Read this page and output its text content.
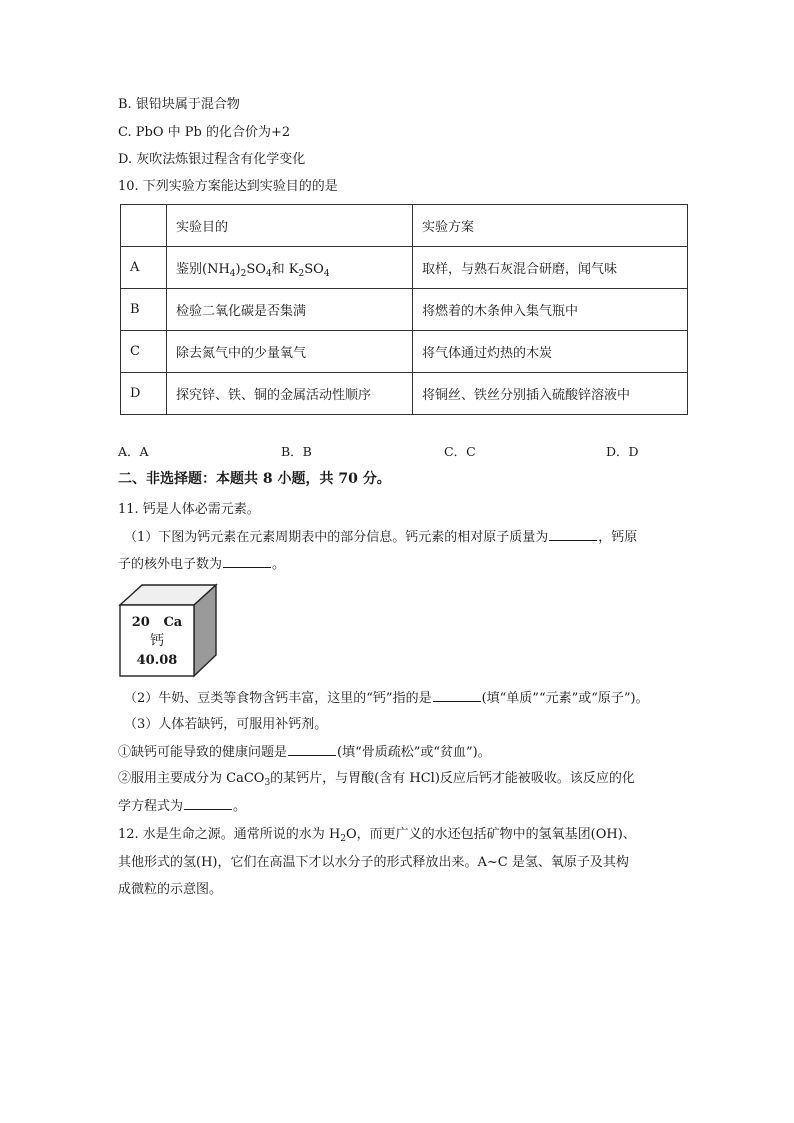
B. 银铅块属于混合物
C. PbO 中 Pb 的化合价为+2
D. 灰吹法炼银过程含有化学变化
10. 下列实验方案能达到实验目的的是
	实验目的	实验方案
A	鉴别$(NH_4)_2SO_4$和 $K_2SO_4$	取样，与熟石灰混合研磨，闻气味
B	检验二氧化碳是否集满	将燃着的木条伸入集气瓶中
C	除去氮气中的少量氧气	将气体通过灼热的木炭
D	探究锌、铁、铜的金属活动性顺序	将铜丝、铁丝分别插入硫酸锌溶液中
A．A	B．B	C．C	D．D
二、非选择题：本题共 8 小题，共 70 分。
11. 钙是人体必需元素。
（1）下图为钙元素在元素周期表中的部分信息。钙元素的相对原子质量为	，钙原
子的核外电子数为	。
20 Ca
钙
40.08
（2）牛奶、豆类等食物含钙丰富，这里的“钙”指的是	(填“单质”“元素”或“原子”)。
（3）人体若缺钙，可服用补钙剂。
①缺钙可能导致的健康问题是	(填“骨质疏松”或“贫血”)。
②服用主要成分为 CaCO$_3$的某钙片，与胃酸(含有 HCl)反应后钙才能被吸收。该反应的化
学方程式为	。
12. 水是生命之源。通常所说的水为 $H_2O$，而更广义的水还包括矿物中的氢氧基团(OH)、
其他形式的氢(H)，它们在高温下才以水分子的形式释放出来。A~C 是氢、氧原子及其构
成微粒的示意图。
